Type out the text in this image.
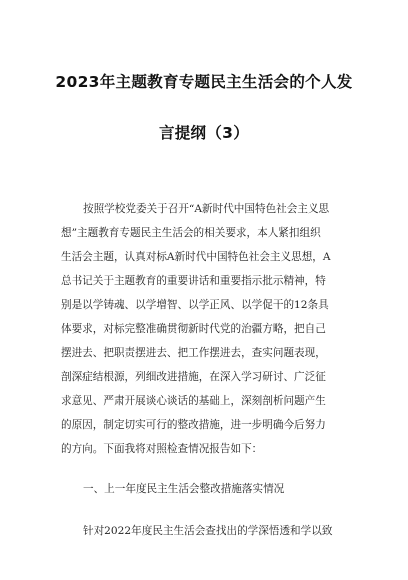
2023年主题教育专题民主生活会的个人发
言提纲（3）
按照学校党委关于召开“A新时代中国特色社会主义思
想”主题教育专题民主生活会的相关要求，本人紧扣组织
生活会主题，认真对标A新时代中国特色社会主义思想，A
总书记关于主题教育的重要讲话和重要指示批示精神，特
别是以学铸魂、以学增智、以学正风、以学促干的12条具
体要求，对标完整准确贯彻新时代党的治疆方略，把自己
摆进去、把职责摆进去、把工作摆进去，查实问题表现，
剖深症结根源，列细改进措施，在深入学习研讨、广泛征
求意见、严肃开展谈心谈话的基础上，深刻剖析问题产生
的原因，制定切实可行的整改措施，进一步明确今后努力
的方向。下面我将对照检查情况报告如下：
一、上一年度民主生活会整改措施落实情况
针对2022年度民主生活会查找出的学深悟透和学以致
